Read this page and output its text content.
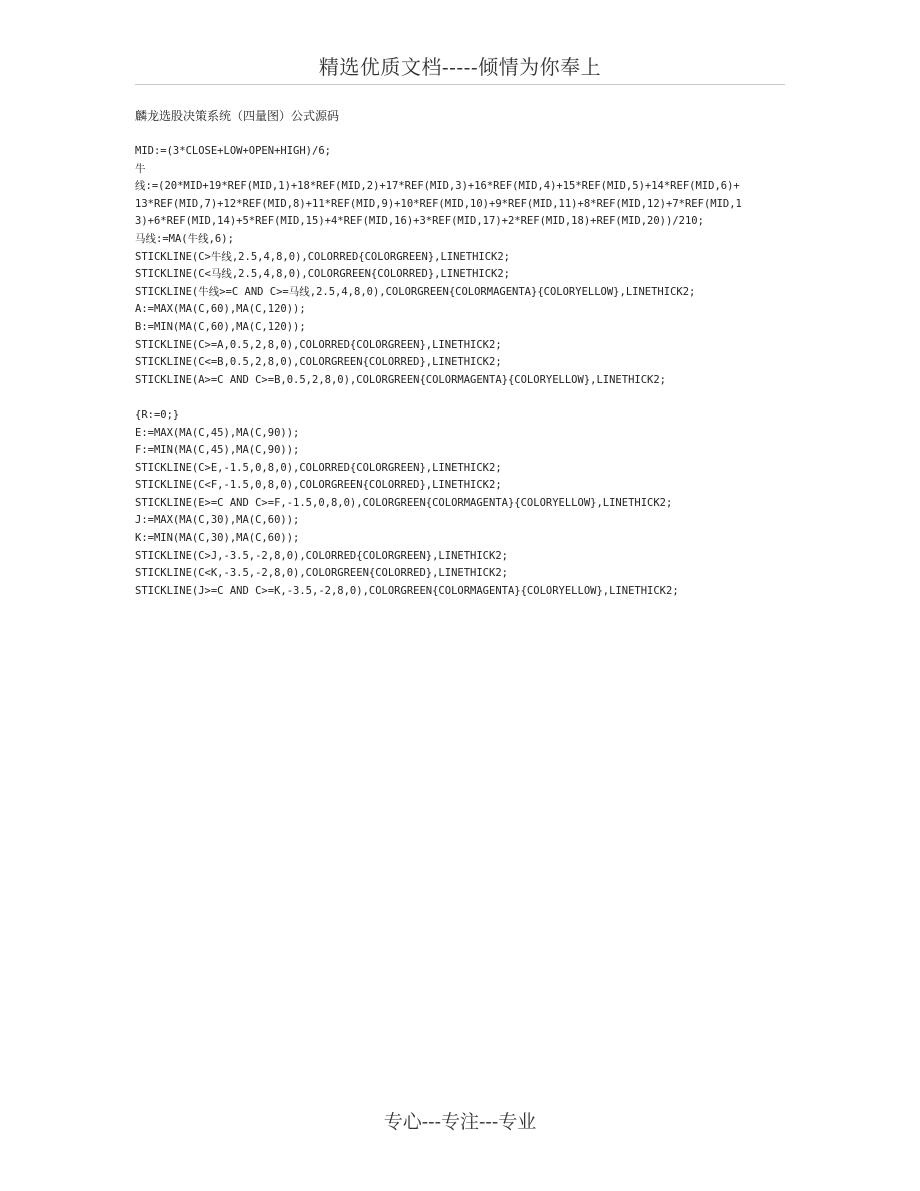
精选优质文档-----倾情为你奉上
麟龙选股决策系统（四量图）公式源码
MID:=(3*CLOSE+LOW+OPEN+HIGH)/6;
牛
线:=(20*MID+19*REF(MID,1)+18*REF(MID,2)+17*REF(MID,3)+16*REF(MID,4)+15*REF(MID,5)+14*REF(MID,6)+
13*REF(MID,7)+12*REF(MID,8)+11*REF(MID,9)+10*REF(MID,10)+9*REF(MID,11)+8*REF(MID,12)+7*REF(MID,1
3)+6*REF(MID,14)+5*REF(MID,15)+4*REF(MID,16)+3*REF(MID,17)+2*REF(MID,18)+REF(MID,20))/210;
马线:=MA(牛线,6);
STICKLINE(C>牛线,2.5,4,8,0),COLORRED{COLORGREEN},LINETHICK2;
STICKLINE(C<马线,2.5,4,8,0),COLORGREEN{COLORRED},LINETHICK2;
STICKLINE(牛线>=C AND C>=马线,2.5,4,8,0),COLORGREEN{COLORMAGENTA}{COLORYELLOW},LINETHICK2;
A:=MAX(MA(C,60),MA(C,120));
B:=MIN(MA(C,60),MA(C,120));
STICKLINE(C>=A,0.5,2,8,0),COLORRED{COLORGREEN},LINETHICK2;
STICKLINE(C<=B,0.5,2,8,0),COLORGREEN{COLORRED},LINETHICK2;
STICKLINE(A>=C AND C>=B,0.5,2,8,0),COLORGREEN{COLORMAGENTA}{COLORYELLOW},LINETHICK2;
{R:=0;}
E:=MAX(MA(C,45),MA(C,90));
F:=MIN(MA(C,45),MA(C,90));
STICKLINE(C>E,-1.5,0,8,0),COLORRED{COLORGREEN},LINETHICK2;
STICKLINE(C<F,-1.5,0,8,0),COLORGREEN{COLORRED},LINETHICK2;
STICKLINE(E>=C AND C>=F,-1.5,0,8,0),COLORGREEN{COLORMAGENTA}{COLORYELLOW},LINETHICK2;
J:=MAX(MA(C,30),MA(C,60));
K:=MIN(MA(C,30),MA(C,60));
STICKLINE(C>J,-3.5,-2,8,0),COLORRED{COLORGREEN},LINETHICK2;
STICKLINE(C<K,-3.5,-2,8,0),COLORGREEN{COLORRED},LINETHICK2;
STICKLINE(J>=C AND C>=K,-3.5,-2,8,0),COLORGREEN{COLORMAGENTA}{COLORYELLOW},LINETHICK2;
专心---专注---专业
